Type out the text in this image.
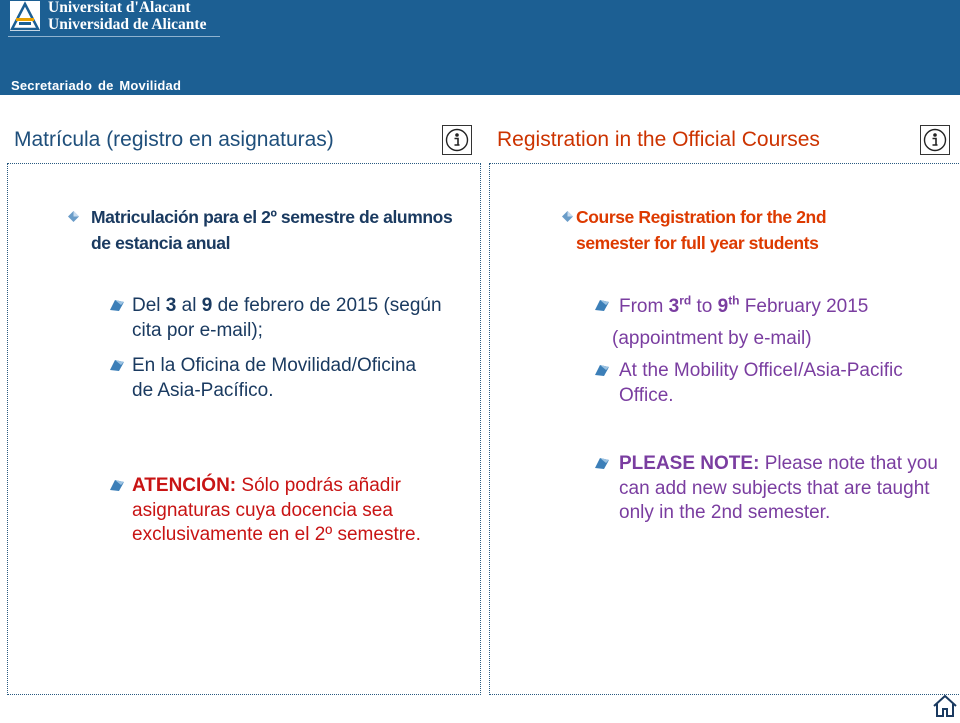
Universitat d'Alacant
Universidad de Alicante
Secretariado de Movilidad
Matrícula (registro en asignaturas)
Matriculación para el 2º semestre de alumnos de estancia anual
Del 3 al 9 de febrero de 2015 (según cita por e-mail);
En la Oficina de Movilidad/Oficina de Asia-Pacífico.
ATENCIÓN: Sólo podrás añadir asignaturas cuya docencia sea exclusivamente en el 2º semestre.
Registration in the Official Courses
Course Registration for the 2nd
semester for full year students
From 3rd to 9th February 2015
(appointment by e-mail)
At the Mobility OfficeI/Asia-Pacific Office.
PLEASE NOTE: Please note that you can add new subjects that are taught only in the 2nd semester.
